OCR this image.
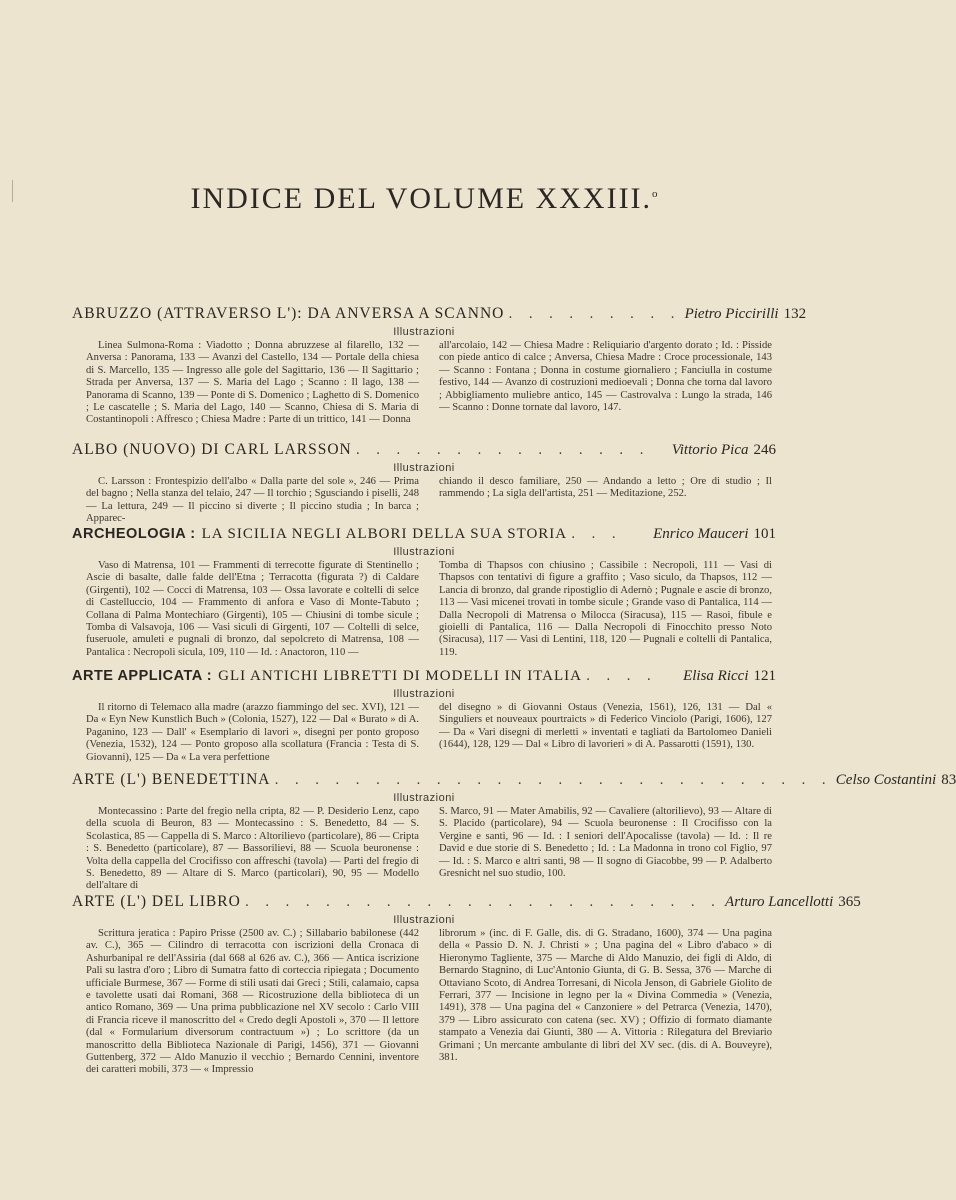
INDICE DEL VOLUME XXXIII.$^o$
ABRUZZO (ATTRAVERSO L'): DA ANVERSA A SCANNO . . . . . . . . . Pietro Piccirilli 132
Illustrazioni

Linea Sulmona-Roma : Viadotto ; Donna abruzzese al filarello, 132 — Anversa : Panorama, 133 — Avanzi del Castello, 134 — Portale della chiesa di S. Marcello, 135 — Ingresso alle gole del Sagittario, 136 — Il Sagittario ; Strada per Anversa, 137 — S. Maria del Lago ; Scanno : Il lago, 138 — Panorama di Scanno, 139 — Ponte di S. Domenico ; Laghetto di S. Domenico ; Le cascatelle ; S. Maria del Lago, 140 — Scanno, Chiesa di S. Maria di Costantinopoli : Affresco ; Chiesa Madre : Parte di un trittico, 141 — Donna

all'arcolaio, 142 — Chiesa Madre : Reliquiario d'argento dorato ; Id. : Pisside con piede antico di calce ; Anversa, Chiesa Madre : Croce processionale, 143 — Scanno : Fontana ; Donna in costume giornaliero ; Fanciulla in costume festivo, 144 — Avanzo di costruzioni medioevali ; Donna che torna dal lavoro ; Abbigliamento muliebre antico, 145 — Castrovalva : Lungo la strada, 146 — Scanno : Donne tornate dal lavoro, 147.

ALBO (NUOVO) DI CARL LARSSON . . . . . . . . . . . . . . .	Vittorio Pica 246
Illustrazioni

C. Larsson : Frontespizio dell'albo « Dalla parte del sole », 246 — Prima del bagno ; Nella stanza del telaio, 247 — Il torchio ; Sgusciando i piselli, 248 — La lettura, 249 — Il piccino si diverte ; Il piccino studia ; In barca ; Apparec-

chiando il desco familiare, 250 — Andando a letto ; Ore di studio ; Il rammendo ; La sigla dell'artista, 251 — Meditazione, 252.

ARCHEOLOGIA : LA SICILIA NEGLI ALBORI DELLA SUA STORIA . . .	Enrico Mauceri 101
Illustrazioni

Vaso di Matrensa, 101 — Frammenti di terrecotte figurate di Stentinello ; Ascie di basalte, dalle falde dell'Etna ; Terracotta (figurata ?) di Caldare (Girgenti), 102 — Cocci di Matrensa, 103 — Ossa lavorate e coltelli di selce di Castelluccio, 104 — Frammento di anfora e Vaso di Monte-Tabuto ; Collana di Palma Montechiaro (Girgenti), 105 — Chiusini di tombe sicule ; Tomba di Valsavoja, 106 — Vasi siculi di Girgenti, 107 — Coltelli di selce, fuseruole, amuleti e pugnali di bronzo, dal sepolcreto di Matrensa, 108 — Pantalica : Necropoli sicula, 109, 110 — Id. : Anactoron, 110 —

Tomba di Thapsos con chiusino ; Cassibile : Necropoli, 111 — Vasi di Thapsos con tentativi di figure a graffito ; Vaso siculo, da Thapsos, 112 — Lancia di bronzo, dal grande ripostiglio di Adernò ; Pugnale e ascie di bronzo, 113 — Vasi micenei trovati in tombe sicule ; Grande vaso di Pantalica, 114 — Dalla Necropoli di Matrensa o Milocca (Siracusa), 115 — Rasoi, fibule e gioielli di Pantalica, 116 — Dalla Necropoli di Finocchito presso Noto (Siracusa), 117 — Vasi di Lentini, 118, 120 — Pugnali e coltelli di Pantalica, 119.

ARTE APPLICATA : GLI ANTICHI LIBRETTI DI MODELLI IN ITALIA . . . .	Elisa Ricci 121
Illustrazioni

Il ritorno di Telemaco alla madre (arazzo fiammingo del sec. XVI), 121 — Da « Eyn New Kunstlich Buch » (Colonia, 1527), 122 — Dal « Burato » di A. Paganino, 123 — Dall' « Esemplario di lavori », disegni per ponto groposo (Venezia, 1532), 124 — Ponto groposo alla scollatura (Francia : Testa di S. Giovanni), 125 — Da « La vera perfettione

del disegno » di Giovanni Ostaus (Venezia, 1561), 126, 131 — Dal « Singuliers et nouveaux pourtraicts » di Federico Vinciolo (Parigi, 1606), 127 — Da « Vari disegni di merletti » inventati e tagliati da Bartolomeo Danieli (1644), 128, 129 — Dal « Libro di lavorieri » di A. Passarotti (1591), 130.

ARTE (L') BENEDETTINA . . . . . . . . . . . . . . . . . . . . . . . . . . . . Celso Costantini 83
Illustrazioni

Montecassino : Parte del fregio nella cripta, 82 — P. Desiderio Lenz, capo della scuola di Beuron, 83 — Montecassino : S. Benedetto, 84 — S. Scolastica, 85 — Cappella di S. Marco : Altorilievo (particolare), 86 — Cripta : S. Benedetto (particolare), 87 — Bassorilievi, 88 — Scuola beuronense : Volta della cappella del Crocifisso con affreschi (tavola) — Parti del fregio di S. Benedetto, 89 — Altare di S. Marco (particolari), 90, 95 — Modello dell'altare di

S. Marco, 91 — Mater Amabilis, 92 — Cavaliere (altorilievo), 93 — Altare di S. Placido (particolare), 94 — Scuola beuronense : Il Crocifisso con la Vergine e santi, 96 — Id. : I seniori dell'Apocalisse (tavola) — Id. : Il re David e due storie di S. Benedetto ; Id. : La Madonna in trono col Figlio, 97 — Id. : S. Marco e altri santi, 98 — Il sogno di Giacobbe, 99 — P. Adalberto Gresnicht nel suo studio, 100.

ARTE (L') DEL LIBRO . . . . . . . . . . . . . . . . . . . . . . . . Arturo Lancellotti 365
Illustrazioni

Scrittura jeratica : Papiro Prisse (2500 av. C.) ; Sillabario babilonese (442 av. C.), 365 — Cilindro di terracotta con iscrizioni della Cronaca di Ashurbanipal re dell'Assiria (dal 668 al 626 av. C.), 366 — Antica iscrizione Pali su lastra d'oro ; Libro di Sumatra fatto di corteccia ripiegata ; Documento ufficiale Burmese, 367 — Forme di stili usati dai Greci ; Stili, calamaio, capsa e tavolette usati dai Romani, 368 — Ricostruzione della biblioteca di un antico Romano, 369 — Una prima pubblicazione nel XV secolo : Carlo VIII di Francia riceve il manoscritto del « Credo degli Apostoli », 370 — Il lettore (dal « Formularium diversorum contractuum ») ; Lo scrittore (da un manoscritto della Biblioteca Nazionale di Parigi, 1456), 371 — Giovanni Guttenberg, 372 — Aldo Manuzio il vecchio ; Bernardo Cennini, inventore dei caratteri mobili, 373 — « Impressio

librorum » (inc. di F. Galle, dis. di G. Stradano, 1600), 374 — Una pagina della « Passio D. N. J. Christi » ; Una pagina del « Libro d'abaco » di Hieronymo Tagliente, 375 — Marche di Aldo Manuzio, dei figli di Aldo, di Bernardo Stagnino, di Luc'Antonio Giunta, di G. B. Sessa, 376 — Marche di Ottaviano Scoto, di Andrea Torresani, di Nicola Jenson, di Gabriele Giolito de Ferrari, 377 — Incisione in legno per la « Divina Commedia » (Venezia, 1491), 378 — Una pagina del « Canzoniere » del Petrarca (Venezia, 1470), 379 — Libro assicurato con catena (sec. XV) ; Offizio di formato diamante stampato a Venezia dai Giunti, 380 — A. Vittoria : Rilegatura del Breviario Grimani ; Un mercante ambulante di libri del XV sec. (dis. di A. Bouveyre), 381.
